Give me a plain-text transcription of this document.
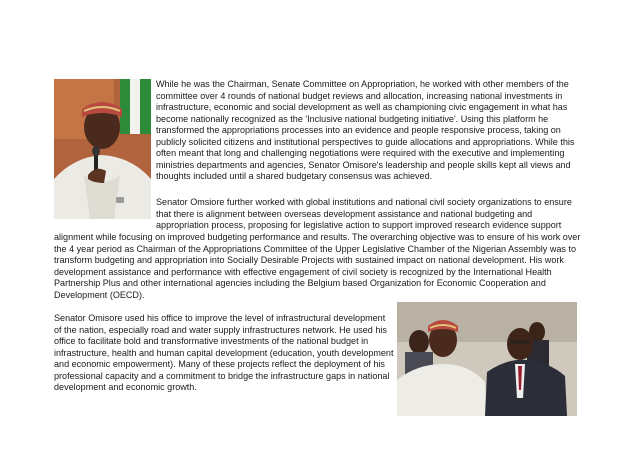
While he was the Chairman, Senate Committee on Appropriation, he worked with other members of the committee over 4 rounds of national budget reviews and allocation, increasing national investments in infrastructure, economic and social development as well as championing civic engagement in what has become nationally recognized as the 'Inclusive national budgeting initiative'. Using this platform he transformed the appropriations processes into an evidence and people responsive process, taking on publicly solicited citizens and institutional perspectives to guide allocations and appropriations. While this often meant that long and challenging negotiations were required with the executive and implementing ministries departments and agencies, Senator Omisore's leadership and people skills kept all views and thoughts included until a shared budgetary consensus was achieved.

Senator Omsiore further worked with global institutions and national civil society organizations to ensure that there is alignment between overseas development assistance and national budgeting and appropriation process, proposing for legislative action to support improved research evidence support

alignment while focusing on improved budgeting performance and results. The overarching objective was to ensure of his work over the 4 year period as Chairman of the Appropriations Committee of the Upper Legislative Chamber of the Nigerian Assembly was to transform budgeting and appropriation into Socially Desirable Projects with sustained impact on national development. His work development assistance and performance with effective engagement of civil society is recognized by the International Health Partnership Plus and other international agencies including the Belgium based Organization for Economic Cooperation and Development (OECD).

Senator Omisore used his office to improve the level of infrastructural development of the nation, especially road and water supply infrastructures network. He used his office to facilitate bold and transformative investments of the national budget in infrastructure, health and human capital development (education, youth development and economic empowerment). Many of these projects reflect the deployment of his professional capacity and a commitment to bridge the infrastructure gaps in national development and economic growth.
